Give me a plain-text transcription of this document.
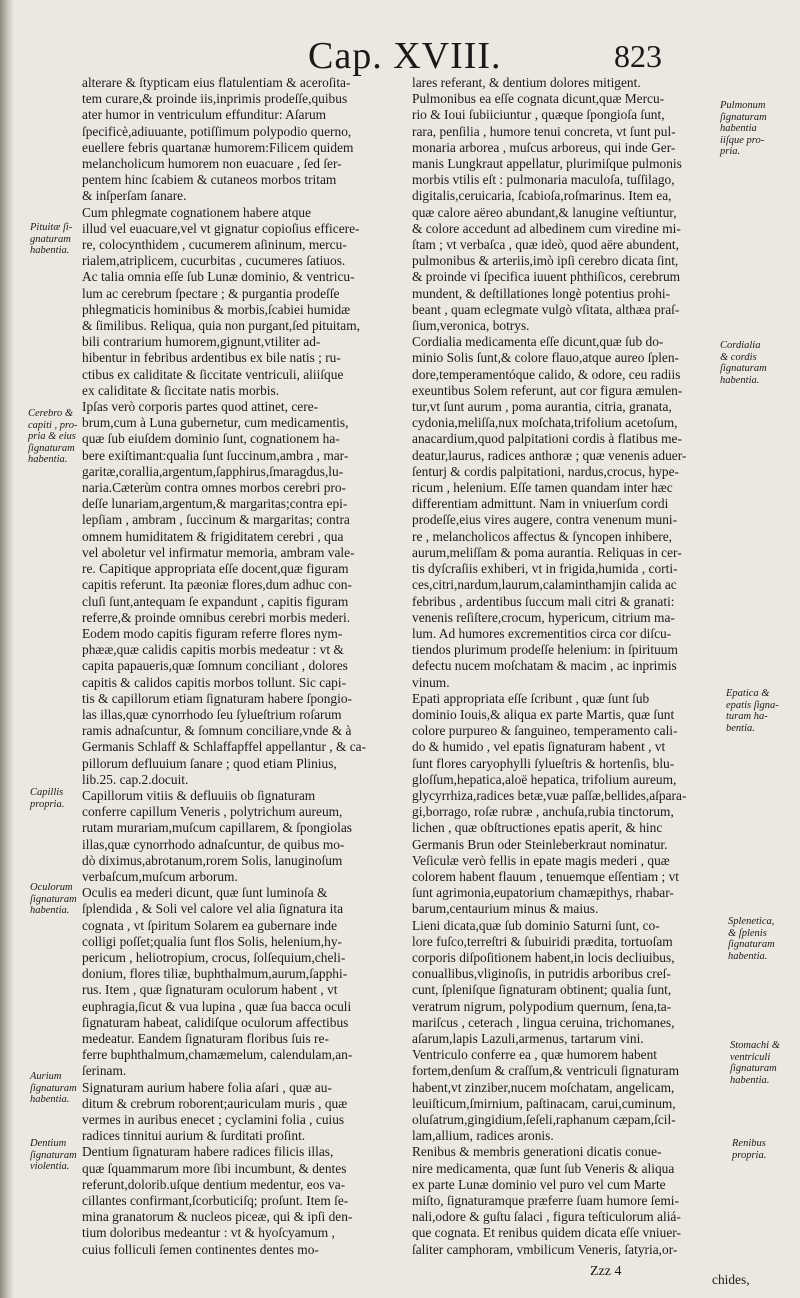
Cap. XVIII.	823
alterare & ſtypticam eius flatulentiam & aceroſita-
tem curare,& proinde iis,inprimis prodeſſe,quibus
ater humor in ventriculum effunditur: Aſarum
ſpecificè,adiuuante, potiſſimum polypodio querno,
euellere febris quartanæ humorem:Filicem quidem
melancholicum humorem non euacuare , ſed ſer-
pentem hinc ſcabiem & cutaneos morbos tritam
& inſperſam ſanare.
Cum phlegmate cognationem habere atque
illud vel euacuare,vel vt gignatur copioſius efficere-
re, colocynthidem , cucumerem aſininum, mercu-
rialem,atriplicem, cucurbitas , cucumeres ſatiuos.
Ac talia omnia eſſe ſub Lunæ dominio, & ventricu-
lum ac cerebrum ſpectare ; & purgantia prodeſſe
phlegmaticis hominibus & morbis,ſcabiei humidæ
& ſimilibus. Reliqua, quia non purgant,ſed pituitam,
bili contrarium humorem,gignunt,vtiliter ad-
hibentur in febribus ardentibus ex bile natis ; ru-
ctibus ex caliditate & ſiccitate ventriculi, aliiſque
ex caliditate & ſiccitate natis morbis.
Ipſas verò corporis partes quod attinet, cere-
brum,cum à Luna gubernetur, cum medicamentis,
quæ ſub eiuſdem dominio ſunt, cognationem ha-
bere exiſtimant:qualia ſunt ſuccinum,ambra , mar-
garitæ,corallia,argentum,ſapphirus,ſmaragdus,lu-
naria.Cæterùm contra omnes morbos cerebri pro-
deſſe lunariam,argentum,& margaritas;contra epi-
lepſiam , ambram , ſuccinum & margaritas; contra
omnem humiditatem & frigiditatem cerebri , qua
vel aboletur vel infirmatur memoria, ambram vale-
re. Capitique appropriata eſſe docent,quæ figuram
capitis referunt. Ita pæoniæ flores,dum adhuc con-
cluſi ſunt,antequam ſe expandunt , capitis figuram
referre,& proinde omnibus cerebri morbis mederi.
Eodem modo capitis figuram referre flores nym-
phææ,quæ calidis capitis morbis medeatur : vt &
capita papaueris,quæ ſomnum conciliant , dolores
capitis & calidos capitis morbos tollunt. Sic capi-
tis & capillorum etiam ſignaturam habere ſpongio-
las illas,quæ cynorrhodo ſeu ſylueſtrium roſarum
ramis adnaſcuntur, & ſomnum conciliare,vnde & à
Germanis Schlaff & Schlaffapffel appellantur , & ca-
pillorum defluuium ſanare ; quod etiam Plinius,
lib.25. cap.2.docuit.
Capillorum vitiis & defluuiis ob ſignaturam
conferre capillum Veneris , polytrichum aureum,
rutam murariam,muſcum capillarem, & ſpongiolas
illas,quæ cynorrhodo adnaſcuntur, de quibus mo-
dò diximus,abrotanum,rorem Solis, lanuginoſum
verbaſcum,muſcum arborum.
Oculis ea mederi dicunt, quæ ſunt luminoſa &
ſplendida , & Soli vel calore vel alia ſignatura ita
cognata , vt ſpiritum Solarem ea gubernare inde
colligi poſſet;qualia ſunt flos Solis, helenium,hy-
pericum , heliotropium, crocus, ſolſequium,cheli-
donium, flores tiliæ, buphthalmum,aurum,ſapphi-
rus. Item , quæ ſignaturam oculorum habent , vt
euphragia,ſicut & vua lupina , quæ ſua bacca oculi
ſignaturam habeat, calidiſque oculorum affectibus
medeatur. Eandem ſignaturam floribus ſuis re-
ferre buphthalmum,chamæmelum, calendulam,an-
ſerinam.
Signaturam aurium habere folia aſari , quæ au-
ditum & crebrum roborent;auriculam muris , quæ
vermes in auribus enecet ; cyclamini folia , cuius
radices tinnitui aurium & ſurditati proſint.
Dentium ſignaturam habere radices filicis illas,
quæ ſquammarum more ſibi incumbunt, & dentes
referunt,dolorib.uſque dentium medentur, eos va-
cillantes confirmant,ſcorbuticiſq; proſunt. Item ſe-
mina granatorum & nucleos piceæ, qui & ipſi den-
tium doloribus medeantur : vt & hyoſcyamum ,
cuius folliculi ſemen continentes dentes mo-
lares referant, & dentium dolores mitigent.
Pulmonibus ea eſſe cognata dicunt,quæ Mercu-
rio & Ioui ſubiiciuntur , quæque ſpongioſa ſunt,
rara, penſilia , humore tenui concreta, vt ſunt pul-
monaria arborea , muſcus arboreus, qui inde Ger-
manis Lungkraut appellatur, plurimiſque pulmonis
morbis vtilis eſt : pulmonaria maculoſa, tuſſilago,
digitalis,ceruicaria, ſcabioſa,roſmarinus. Item ea,
quæ calore aëreo abundant,& lanugine veſtiuntur,
& colore accedunt ad albedinem cum viredine mi-
ſtam ; vt verbaſca , quæ ideò, quod aëre abundent,
pulmonibus & arteriis,imò ipſi cerebro dicata ſint,
& proinde vi ſpecifica iuuent phthiſicos, cerebrum
mundent, & deſtillationes longè potentius prohi-
beant , quam eclegmate vulgò vſitata, althæa praſ-
ſium,veronica, botrys.
Cordialia medicamenta eſſe dicunt,quæ ſub do-
minio Solis ſunt,& colore flauo,atque aureo ſplen-
dore,temperamentóque calido, & odore, ceu radiis
exeuntibus Solem referunt, aut cor figura æmulen-
tur,vt ſunt aurum , poma aurantia, citria, granata,
cydonia,meliſſa,nux moſchata,trifolium acetoſum,
anacardium,quod palpitationi cordis à flatibus me-
deatur,laurus, radices anthoræ ; quæ venenis aduer-
ſenturj & cordis palpitationi, nardus,crocus, hype-
ricum , helenium. Eſſe tamen quandam inter hæc
differentiam admittunt. Nam in vniuerſum cordi
prodeſſe,eius vires augere, contra venenum muni-
re , melancholicos affectus & ſyncopen inhibere,
aurum,meliſſam & poma aurantia. Reliquas in cer-
tis dyſcraſiis exhiberi, vt in frigida,humida , corti-
ces,citri,nardum,laurum,calaminthamjin calida ac
febribus , ardentibus ſuccum mali citri & granati:
venenis reſiſtere,crocum, hypericum, citrium ma-
lum. Ad humores excrementitios circa cor diſcu-
tiendos plurimum prodeſſe helenium: in ſpirituum
defectu nucem moſchatam & macim , ac inprimis
vinum.
Epati appropriata eſſe ſcribunt , quæ ſunt ſub
dominio Iouis,& aliqua ex parte Martis, quæ ſunt
colore purpureo & ſanguineo, temperamento cali-
do & humido , vel epatis ſignaturam habent , vt
ſunt flores caryophylli ſylueſtris & hortenſis, blu-
gloſſum,hepatica,aloë hepatica, trifolium aureum,
glycyrrhiza,radices betæ,vuæ paſſæ,bellides,aſpara-
gi,borrago, roſæ rubræ , anchuſa,rubia tinctorum,
lichen , quæ obſtructiones epatis aperit, & hinc
Germanis Brun oder Steinleberkraut nominatur.
Veſiculæ verò fellis in epate magis mederi , quæ
colorem habent flauum , tenuemque eſſentiam ; vt
ſunt agrimonia,eupatorium chamæpithys, rhabar-
barum,centaurium minus & maius.
Lieni dicata,quæ ſub dominio Saturni ſunt, co-
lore fuſco,terreſtri & ſubuiridi prædita, tortuoſam
corporis diſpoſitionem habent,in locis decliuibus,
conuallibus,vliginoſis, in putridis arboribus creſ-
cunt, ſpleniſque ſignaturam obtinent; qualia ſunt,
veratrum nigrum, polypodium quernum, ſena,ta-
mariſcus , ceterach , lingua ceruina, trichomanes,
aſarum,lapis Lazuli,armenus, tartarum vini.
Ventriculo conferre ea , quæ humorem habent
fortem,denſum & craſſum,& ventriculi ſignaturam
habent,vt zinziber,nucem moſchatam, angelicam,
leuiſticum,ſmirnium, paſtinacam, carui,cuminum,
oluſatrum,gingidium,ſeſeli,raphanum cæpam,ſcil-
lam,allium, radices aronis.
Renibus & membris generationi dicatis conue-
nire medicamenta, quæ ſunt ſub Veneris & aliqua
ex parte Lunæ dominio vel puro vel cum Marte
miſto, ſignaturamque præferre ſuam humore ſemi-
nali,odore & guſtu ſalaci , figura teſticulorum aliá-
que cognata. Et renibus quidem dicata eſſe vniuer-
ſaliter camphoram, vmbilicum Veneris, ſatyria,or-
Pituitæ ſi-
gnaturam
habentia.
Cerebro &
capiti , pro-
pria & eius
ſignaturam
habentia.
Capillis
propria.
Oculorum
ſignaturam
habentia.
Aurium
ſignaturam
habentia.
Dentium
ſignaturam
violentia.
Pulmonum
ſignaturam
habentia
iiſque pro-
pria.
Cordialia
& cordis
ſignaturam
habentia.
Epatica &
epatis ſigna-
turam ha-
bentia.
Splenetica,
& ſplenis
ſignaturam
habentia.
Stomachi &
ventriculi
ſignaturam
habentia.
Renibus
propria.
Zzz 4
chides,
